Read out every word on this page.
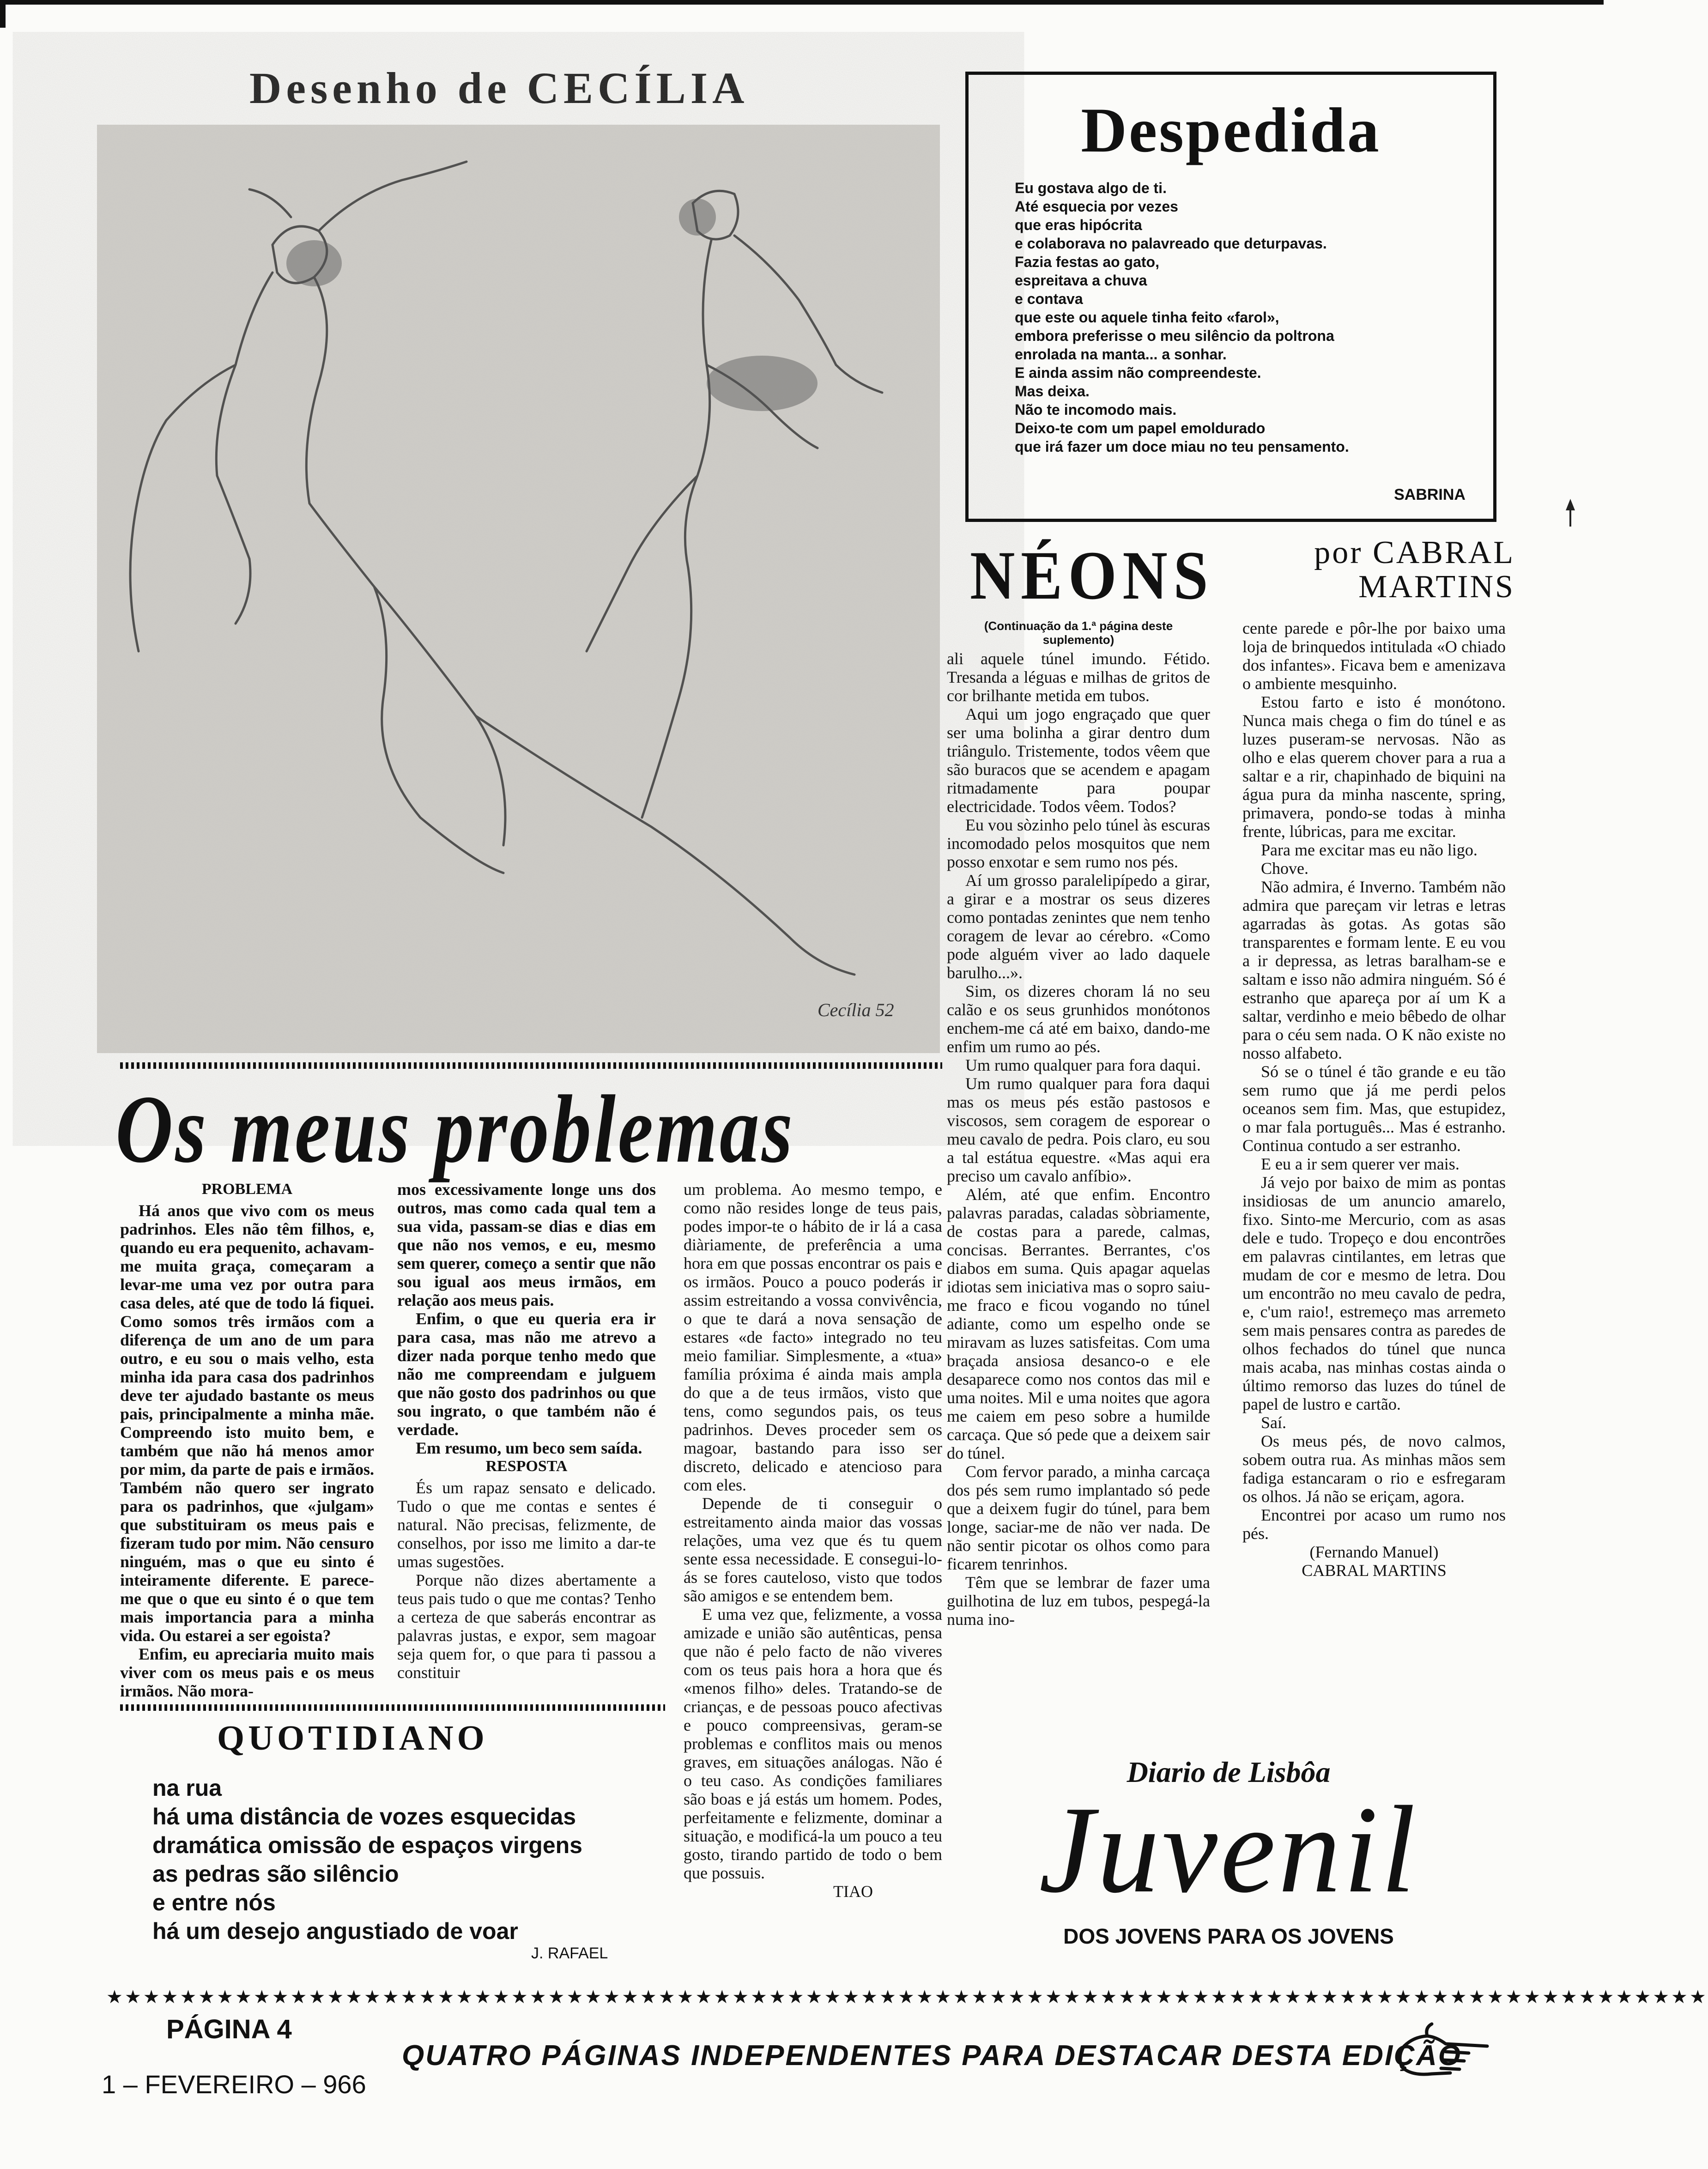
Desenho de CECÍLIA
Cecília 52
Os meus problemas

PROBLEMA

Há anos que vivo com os meus padrinhos. Eles não têm filhos, e, quando eu era pequenito, achavam-me muita graça, começaram a levar-me uma vez por outra para casa deles, até que de todo lá fiquei. Como somos três irmãos com a diferença de um ano de um para outro, e eu sou o mais velho, esta minha ida para casa dos padrinhos deve ter ajudado bastante os meus pais, principalmente a minha mãe. Compreendo isto muito bem, e também que não há menos amor por mim, da parte de pais e irmãos. Também não quero ser ingrato para os padrinhos, que «julgam» que substituiram os meus pais e fizeram tudo por mim. Não censuro ninguém, mas o que eu sinto é inteiramente diferente. E parece-me que o que eu sinto é o que tem mais importancia para a minha vida. Ou estarei a ser egoista?

Enfim, eu apreciaria muito mais viver com os meus pais e os meus irmãos. Não mora-

mos excessivamente longe uns dos outros, mas como cada qual tem a sua vida, passam-se dias e dias em que não nos vemos, e eu, mesmo sem querer, começo a sentir que não sou igual aos meus irmãos, em relação aos meus pais.

Enfim, o que eu queria era ir para casa, mas não me atrevo a dizer nada porque tenho medo que não me compreendam e julguem que não gosto dos padrinhos ou que sou ingrato, o que também não é verdade.

Em resumo, um beco sem saída.

RESPOSTA

És um rapaz sensato e delicado. Tudo o que me contas e sentes é natural. Não precisas, felizmente, de conselhos, por isso me limito a dar-te umas sugestões.

Porque não dizes abertamente a teus pais tudo o que me contas? Tenho a certeza de que saberás encontrar as palavras justas, e expor, sem magoar seja quem for, o que para ti passou a constituir

um problema. Ao mesmo tempo, e como não resides longe de teus pais, podes impor-te o hábito de ir lá a casa diàriamente, de preferência a uma hora em que possas encontrar os pais e os irmãos. Pouco a pouco poderás ir assim estreitando a vossa convivência, o que te dará a nova sensação de estares «de facto» integrado no teu meio familiar. Simplesmente, a «tua» família próxima é ainda mais ampla do que a de teus irmãos, visto que tens, como segundos pais, os teus padrinhos. Deves proceder sem os magoar, bastando para isso ser discreto, delicado e atencioso para com eles.

Depende de ti conseguir o estreitamento ainda maior das vossas relações, uma vez que és tu quem sente essa necessidade. E consegui-lo-ás se fores cauteloso, visto que todos são amigos e se entendem bem.

E uma vez que, felizmente, a vossa amizade e união são autênticas, pensa que não é pelo facto de não viveres com os teus pais hora a hora que és «menos filho» deles. Tratando-se de crianças, e de pessoas pouco afectivas e pouco compreensivas, geram-se problemas e conflitos mais ou menos graves, em situações análogas. Não é o teu caso. As condições familiares são boas e já estás um homem. Podes, perfeitamente e felizmente, dominar a situação, e modificá-la um pouco a teu gosto, tirando partido de todo o bem que possuis.

TIAO

QUOTIDIANO
na rua
há uma distância de vozes esquecidas
dramática omissão de espaços virgens
as pedras são silêncio
e entre nós
há um desejo angustiado de voar
J. RAFAEL
Despedida
Eu gostava algo de ti.
Até esquecia por vezes
que eras hipócrita
e colaborava no palavreado que deturpavas.
Fazia festas ao gato,
espreitava a chuva
e contava
que este ou aquele tinha feito «farol»,
embora preferisse o meu silêncio da poltrona
enrolada na manta... a sonhar.
E ainda assim não compreendeste.
Mas deixa.
Não te incomodo mais.
Deixo-te com um papel emoldurado
que irá fazer um doce miau no teu pensamento.
SABRINA
NÉONS	por CABRAL
MARTINS

(Continuação da 1.ª página deste suplemento)

ali aquele túnel imundo. Fétido. Tresanda a léguas e milhas de gritos de cor brilhante metida em tubos.

Aqui um jogo engraçado que quer ser uma bolinha a girar dentro dum triângulo. Tristemente, todos vêem que são buracos que se acendem e apagam ritmadamente para poupar electricidade. Todos vêem. Todos?

Eu vou sòzinho pelo túnel às escuras incomodado pelos mosquitos que nem posso enxotar e sem rumo nos pés.

Aí um grosso paralelipípedo a girar, a girar e a mostrar os seus dizeres como pontadas zenintes que nem tenho coragem de levar ao cérebro. «Como pode alguém viver ao lado daquele barulho...».

Sim, os dizeres choram lá no seu calão e os seus grunhidos monótonos enchem-me cá até em baixo, dando-me enfim um rumo ao pés.

Um rumo qualquer para fora daqui.

Um rumo qualquer para fora daqui mas os meus pés estão pastosos e viscosos, sem coragem de esporear o meu cavalo de pedra. Pois claro, eu sou a tal estátua equestre. «Mas aqui era preciso um cavalo anfíbio».

Além, até que enfim. Encontro palavras paradas, caladas sòbriamente, de costas para a parede, calmas, concisas. Berrantes. Berrantes, c'os diabos em suma. Quis apagar aquelas idiotas sem iniciativa mas o sopro saiu-me fraco e ficou vogando no túnel adiante, como um espelho onde se miravam as luzes satisfeitas. Com uma braçada ansiosa desanco-o e ele desaparece como nos contos das mil e uma noites. Mil e uma noites que agora me caiem em peso sobre a humilde carcaça. Que só pede que a deixem sair do túnel.

Com fervor parado, a minha carcaça dos pés sem rumo implantado só pede que a deixem fugir do túnel, para bem longe, saciar-me de não ver nada. De não sentir picotar os olhos como para ficarem tenrinhos.

Têm que se lembrar de fazer uma guilhotina de luz em tubos, pespegá-la numa ino-

cente parede e pôr-lhe por baixo uma loja de brinquedos intitulada «O chiado dos infantes». Ficava bem e amenizava o ambiente mesquinho.

Estou farto e isto é monótono. Nunca mais chega o fim do túnel e as luzes puseram-se nervosas. Não as olho e elas querem chover para a rua a saltar e a rir, chapinhado de biquini na água pura da minha nascente, spring, primavera, pondo-se todas à minha frente, lúbricas, para me excitar.

Para me excitar mas eu não ligo.

Chove.

Não admira, é Inverno. Também não admira que pareçam vir letras e letras agarradas às gotas. As gotas são transparentes e formam lente. E eu vou a ir depressa, as letras baralham-se e saltam e isso não admira ninguém. Só é estranho que apareça por aí um K a saltar, verdinho e meio bêbedo de olhar para o céu sem nada. O K não existe no nosso alfabeto.

Só se o túnel é tão grande e eu tão sem rumo que já me perdi pelos oceanos sem fim. Mas, que estupidez, o mar fala português... Mas é estranho. Continua contudo a ser estranho.

E eu a ir sem querer ver mais.

Já vejo por baixo de mim as pontas insidiosas de um anuncio amarelo, fixo. Sinto-me Mercurio, com as asas dele e tudo. Tropeço e dou encontrões em palavras cintilantes, em letras que mudam de cor e mesmo de letra. Dou um encontrão no meu cavalo de pedra, e, c'um raio!, estremeço mas arremeto sem mais pensares contra as paredes de olhos fechados do túnel que nunca mais acaba, nas minhas costas ainda o último remorso das luzes do túnel de papel de lustro e cartão.

Saí.

Os meus pés, de novo calmos, sobem outra rua. As minhas mãos sem fadiga estancaram o rio e esfregaram os olhos. Já não se eriçam, agora.

Encontrei por acaso um rumo nos pés.

(Fernando Manuel)

CABRAL MARTINS

Diario de Lisbôa
Juvenil
DOS JOVENS PARA OS JOVENS
★★★★★★★★★★★★★★★★★★★★★★★★★★★★★★★★★★★★★★★★★★★★★★★★★★★★★★★★★★★★★★★★★★★★★★★★★★★★★★★★★★★★★★★
PÁGINA 4
1 – FEVEREIRO – 966
QUATRO PÁGINAS INDEPENDENTES PARA DESTACAR DESTA EDIÇÃO
